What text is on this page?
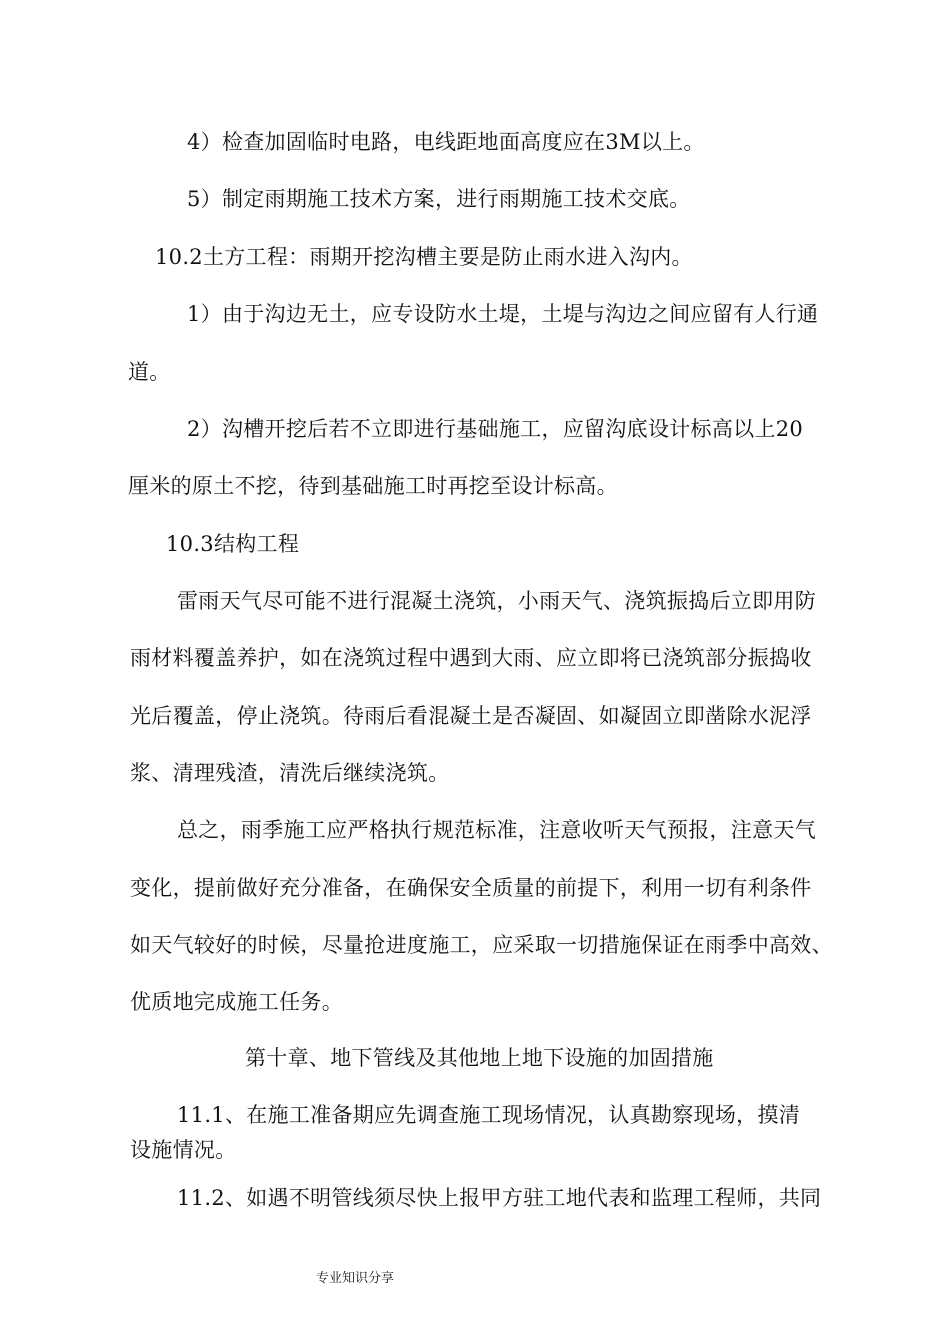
4）检查加固临时电路，电线距地面高度应在3M以上。
5）制定雨期施工技术方案，进行雨期施工技术交底。
10.2土方工程：雨期开挖沟槽主要是防止雨水进入沟内。
1）由于沟边无土，应专设防水土堤，土堤与沟边之间应留有人行通
道。
2）沟槽开挖后若不立即进行基础施工，应留沟底设计标高以上20
厘米的原土不挖，待到基础施工时再挖至设计标高。
10.3结构工程
雷雨天气尽可能不进行混凝土浇筑，小雨天气、浇筑振捣后立即用防
雨材料覆盖养护，如在浇筑过程中遇到大雨、应立即将已浇筑部分振捣收
光后覆盖，停止浇筑。待雨后看混凝土是否凝固、如凝固立即凿除水泥浮
浆、清理残渣，清洗后继续浇筑。
总之，雨季施工应严格执行规范标准，注意收听天气预报，注意天气
变化，提前做好充分准备，在确保安全质量的前提下，利用一切有利条件
如天气较好的时候，尽量抢进度施工，应采取一切措施保证在雨季中高效、
优质地完成施工任务。
第十章、地下管线及其他地上地下设施的加固措施
11.1、在施工准备期应先调查施工现场情况，认真勘察现场，摸清
设施情况。
11.2、如遇不明管线须尽快上报甲方驻工地代表和监理工程师，共同
专业知识分享
